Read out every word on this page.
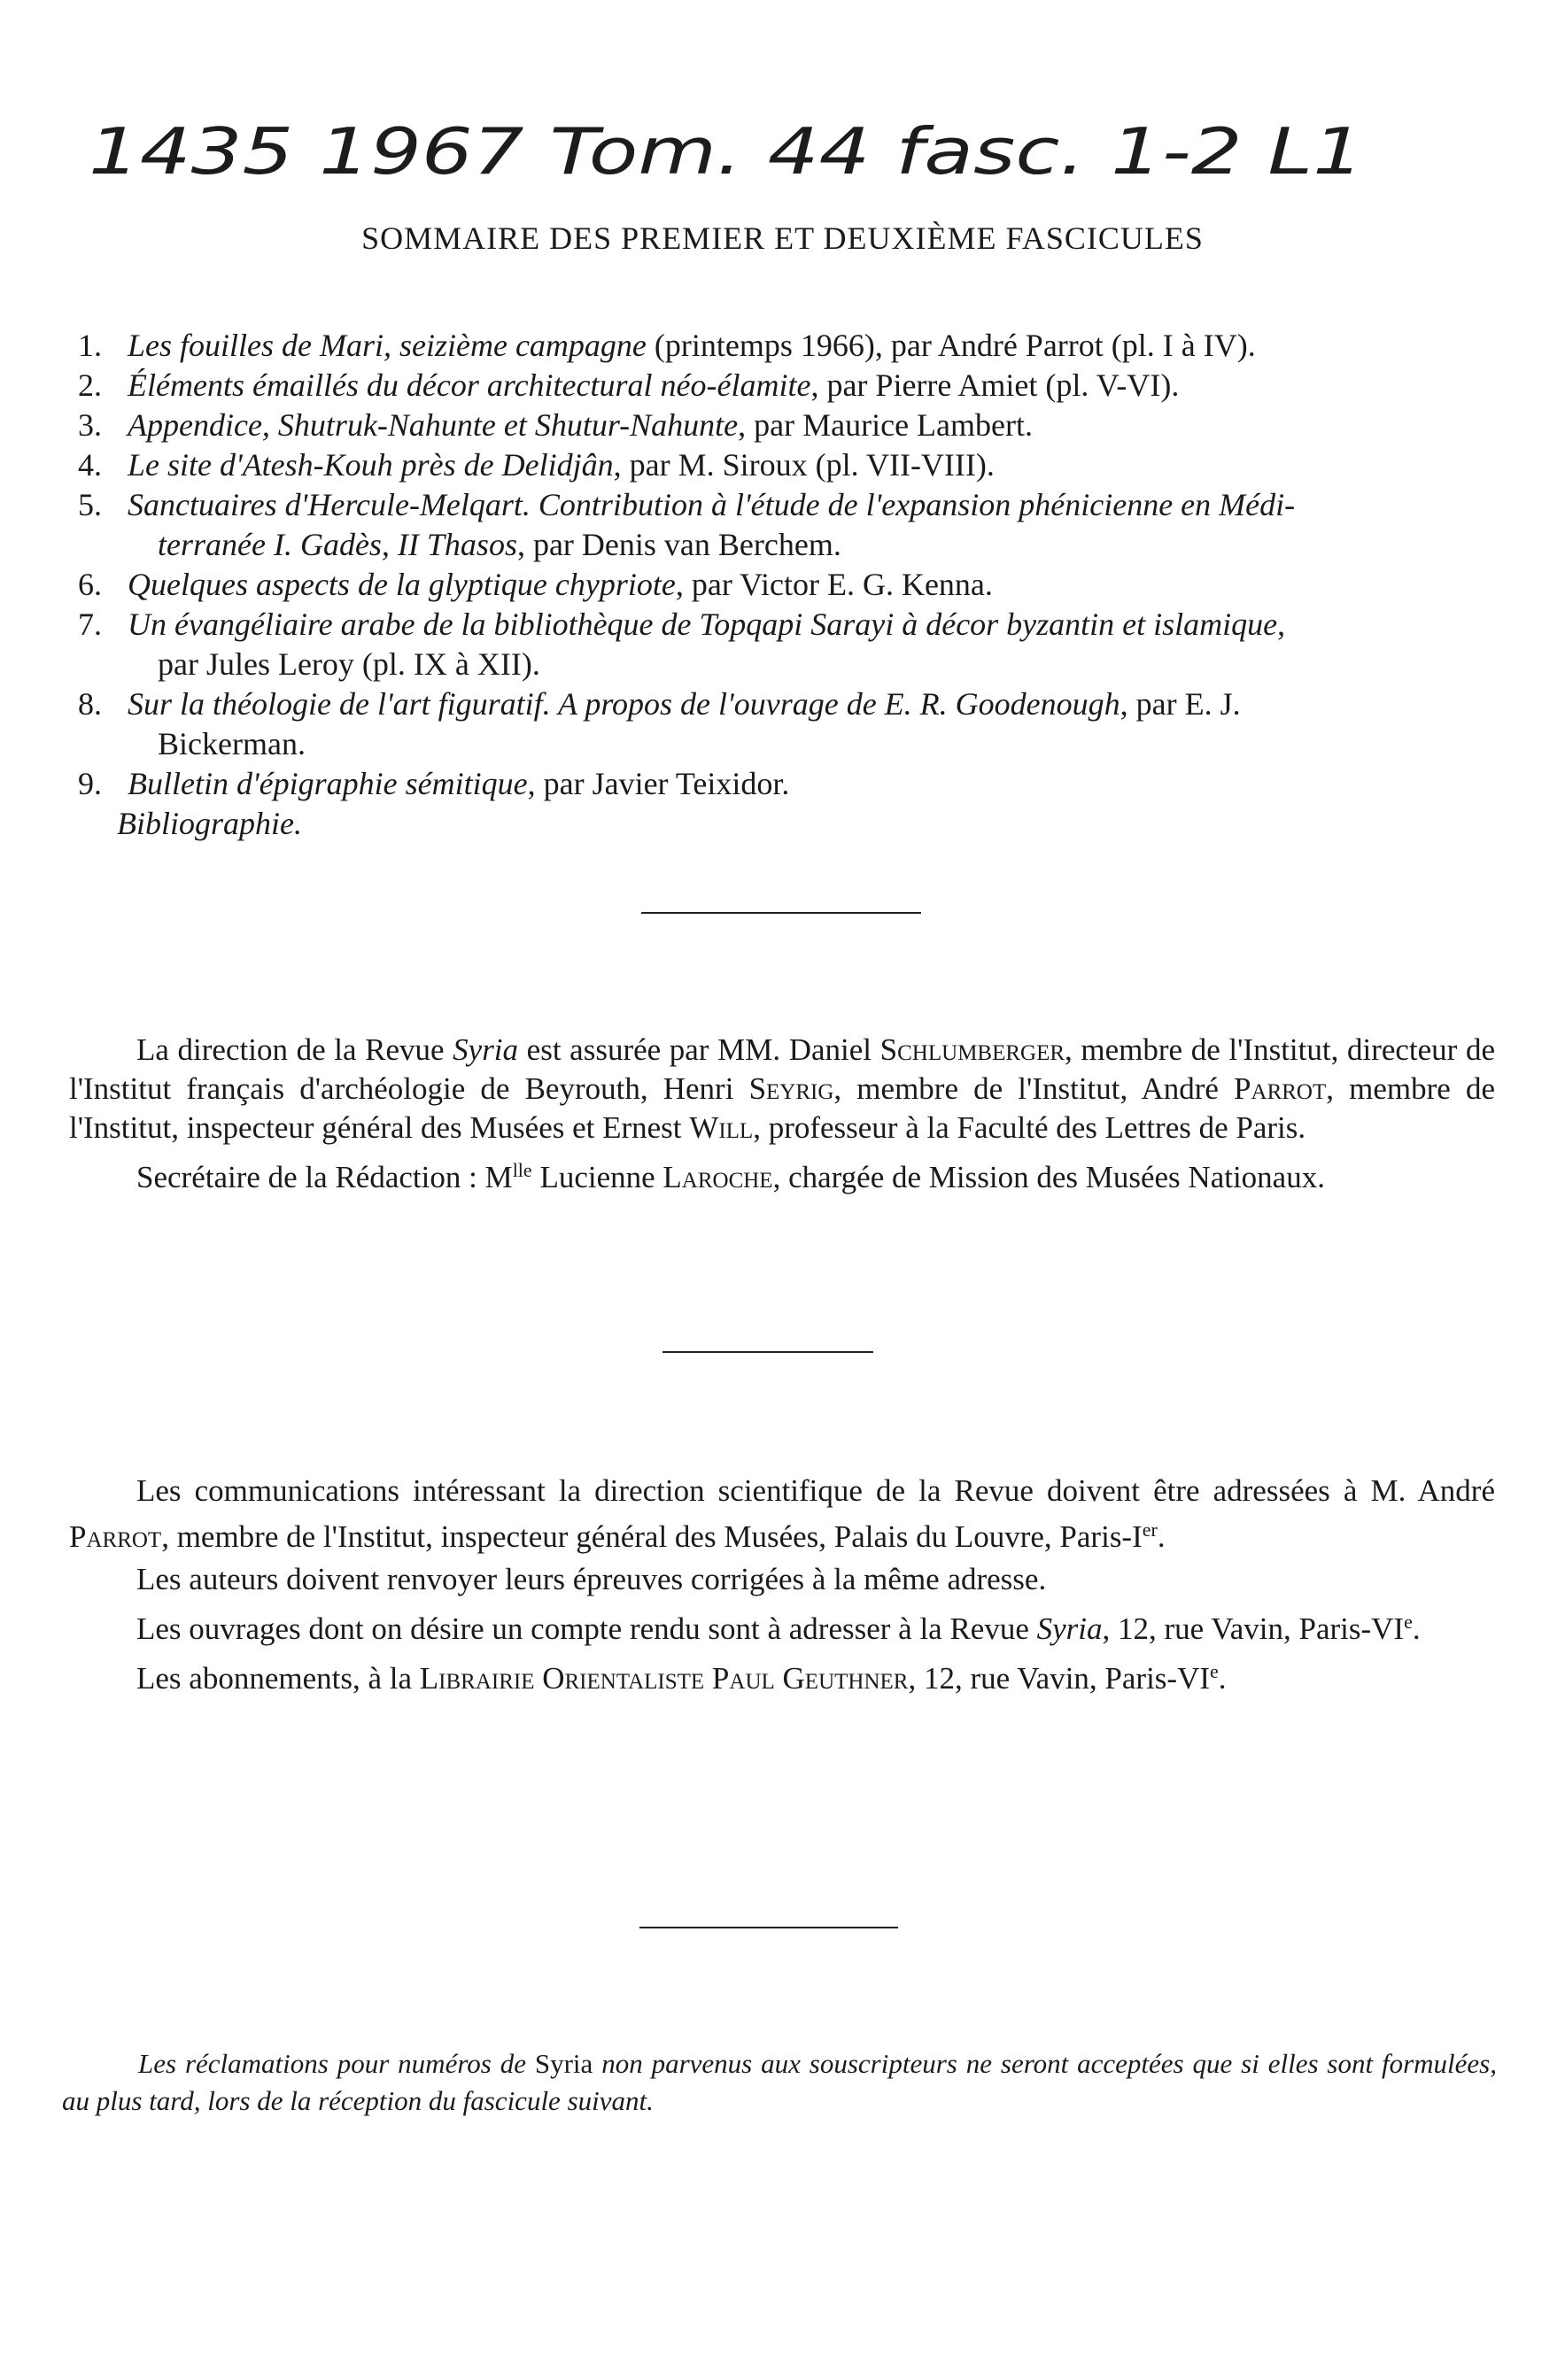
1435 1967 Tom. 44 fasc. 1-2 L1
SOMMAIRE DES PREMIER ET DEUXIÈME FASCICULES
1. Les fouilles de Mari, seizième campagne (printemps 1966), par André Parrot (pl. I à IV).
2. Éléments émaillés du décor architectural néo-élamite, par Pierre Amiet (pl. V-VI).
3. Appendice, Shutruk-Nahunte et Shutur-Nahunte, par Maurice Lambert.
4. Le site d'Atesh-Kouh près de Delidjân, par M. Siroux (pl. VII-VIII).
5. Sanctuaires d'Hercule-Melqart. Contribution à l'étude de l'expansion phénicienne en Médi-
terranée I. Gadès, II Thasos, par Denis van Berchem.
6. Quelques aspects de la glyptique chypriote, par Victor E. G. Kenna.
7. Un évangéliaire arabe de la bibliothèque de Topqapi Sarayi à décor byzantin et islamique,
par Jules Leroy (pl. IX à XII).
8. Sur la théologie de l'art figuratif. A propos de l'ouvrage de E. R. Goodenough, par E. J.
Bickerman.
9. Bulletin d'épigraphie sémitique, par Javier Teixidor.
Bibliographie.

La direction de la Revue Syria est assurée par MM. Daniel Schlumberger, membre de l'Institut, directeur de l'Institut français d'archéologie de Beyrouth, Henri Seyrig, membre de l'Institut, André Parrot, membre de l'Institut, inspecteur général des Musées et Ernest Will, professeur à la Faculté des Lettres de Paris.

Secrétaire de la Rédaction : $M^{lle}$ Lucienne Laroche, chargée de Mission des Musées Nationaux.

Les communications intéressant la direction scientifique de la Revue doivent être adressées à M. André Parrot, membre de l'Institut, inspecteur général des Musées, Palais du Louvre, Paris-Ier.

Les auteurs doivent renvoyer leurs épreuves corrigées à la même adresse.

Les ouvrages dont on désire un compte rendu sont à adresser à la Revue Syria, 12, rue Vavin, Paris-VIe.

Les abonnements, à la Librairie Orientaliste Paul Geuthner, 12, rue Vavin, Paris-VIe.

Les réclamations pour numéros de Syria non parvenus aux souscripteurs ne seront acceptées que si elles sont formulées, au plus tard, lors de la réception du fascicule suivant.
